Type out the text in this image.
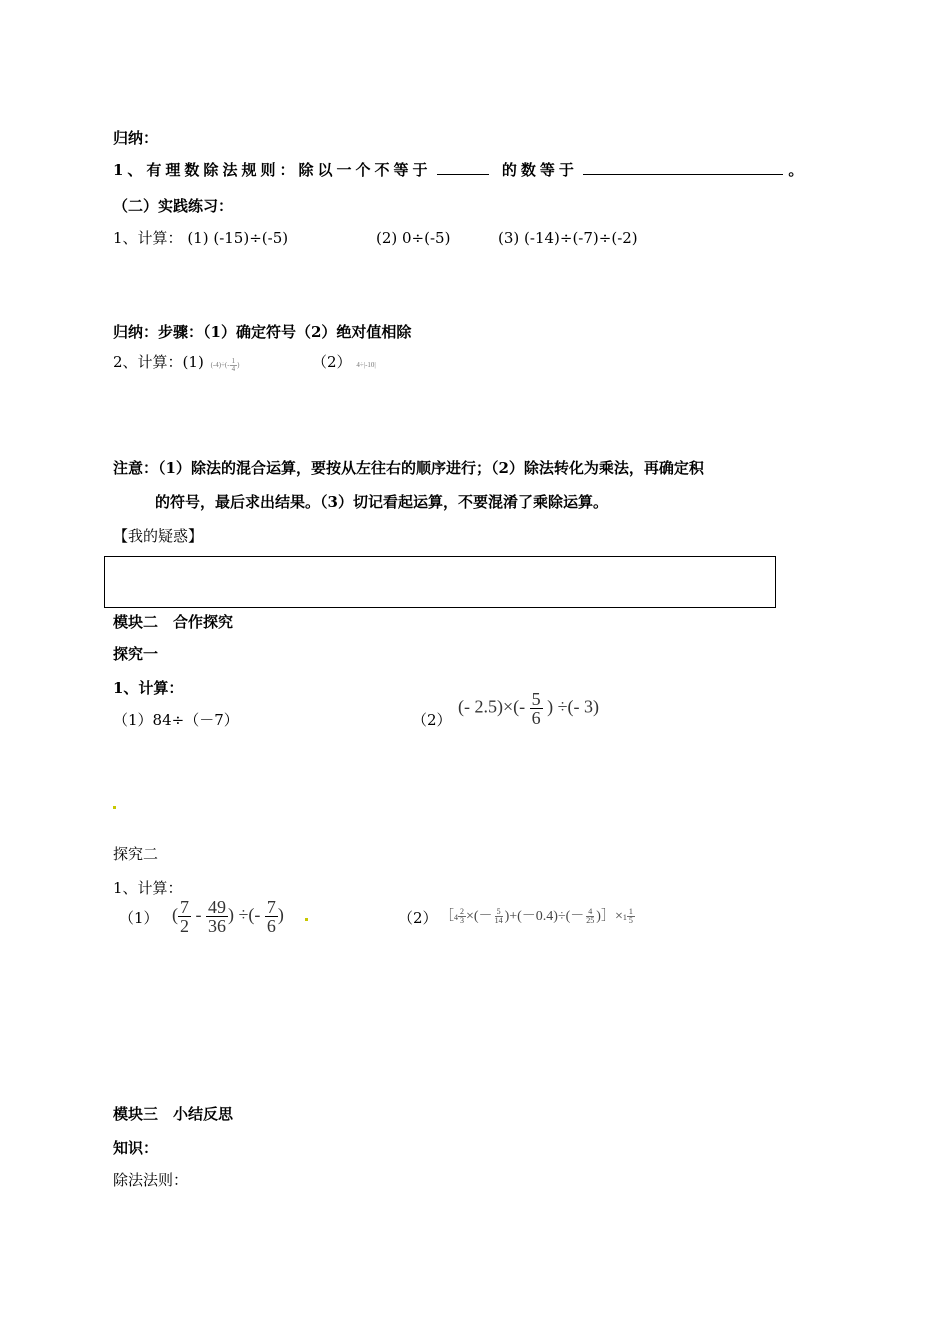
归纳：
1、有理数除法规则：除以一个不等于	的数等于	。
（二）实践练习：
1、计算： (1) (-15)÷(-5)	(2) 0÷(-5)	(3) (-14)÷(-7)÷(-2)
归纳：步骤：（1）确定符号（2）绝对值相除
2、计算：(1) $(-4)\div(- \frac{1}{4}$ )	（2） 4÷|-10|
注意：（1）除法的混合运算，要按从左往右的顺序进行；（2）除法转化为乘法，再确定积
的符号，最后求出结果。（3）切记看起运算，不要混淆了乘除运算。
【我的疑惑】
模块二　合作探究
探究一
1、计算：
（1）84÷（－7）	（2）
(- $2.5)\times(- \frac{5}{6}$ ) ÷(- 3)
探究二
1、计算：
（1） ( $\frac{7}{2} - \frac{49}{36}$ ) ÷(- $\frac{7}{6}$ )	（2） ［4 $\frac{2}{3}$ ×(－ $\frac{5}{14} )+(-0.4)\div(- \frac{4}{25}$ )］×1 $\frac{1}{5}$
模块三　小结反思
知识：
除法法则：
